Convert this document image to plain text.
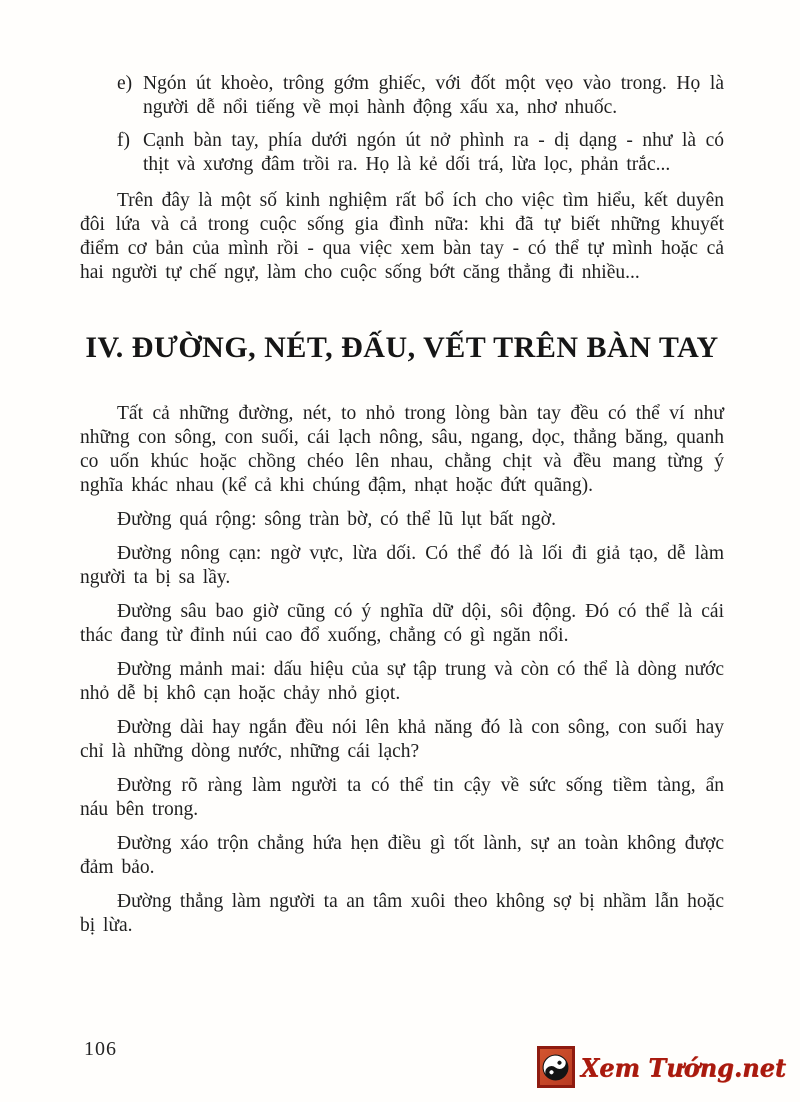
e) Ngón út khoèo, trông gớm ghiếc, với đốt một vẹo vào trong. Họ là người dễ nổi tiếng về mọi hành động xấu xa, nhơ nhuốc.
f) Cạnh bàn tay, phía dưới ngón út nở phình ra - dị dạng - như là có thịt và xương đâm trồi ra. Họ là kẻ dối trá, lừa lọc, phản trắc...

Trên đây là một số kinh nghiệm rất bổ ích cho việc tìm hiểu, kết duyên đôi lứa và cả trong cuộc sống gia đình nữa: khi đã tự biết những khuyết điểm cơ bản của mình rồi - qua việc xem bàn tay - có thể tự mình hoặc cả hai người tự chế ngự, làm cho cuộc sống bớt căng thẳng đi nhiều...

IV. ĐƯỜNG, NÉT, ĐẤU, VẾT TRÊN BÀN TAY

Tất cả những đường, nét, to nhỏ trong lòng bàn tay đều có thể ví như những con sông, con suối, cái lạch nông, sâu, ngang, dọc, thẳng băng, quanh co uốn khúc hoặc chồng chéo lên nhau, chằng chịt và đều mang từng ý nghĩa khác nhau (kể cả khi chúng đậm, nhạt hoặc đứt quãng).

Đường quá rộng: sông tràn bờ, có thể lũ lụt bất ngờ.

Đường nông cạn: ngờ vực, lừa dối. Có thể đó là lối đi giả tạo, dễ làm người ta bị sa lầy.

Đường sâu bao giờ cũng có ý nghĩa dữ dội, sôi động. Đó có thể là cái thác đang từ đỉnh núi cao đổ xuống, chẳng có gì ngăn nổi.

Đường mảnh mai: dấu hiệu của sự tập trung và còn có thể là dòng nước nhỏ dễ bị khô cạn hoặc chảy nhỏ giọt.

Đường dài hay ngắn đều nói lên khả năng đó là con sông, con suối hay chỉ là những dòng nước, những cái lạch?

Đường rõ ràng làm người ta có thể tin cậy về sức sống tiềm tàng, ẩn náu bên trong.

Đường xáo trộn chẳng hứa hẹn điều gì tốt lành, sự an toàn không được đảm bảo.

Đường thẳng làm người ta an tâm xuôi theo không sợ bị nhầm lẫn hoặc bị lừa.

106
Xem Tướng.net
